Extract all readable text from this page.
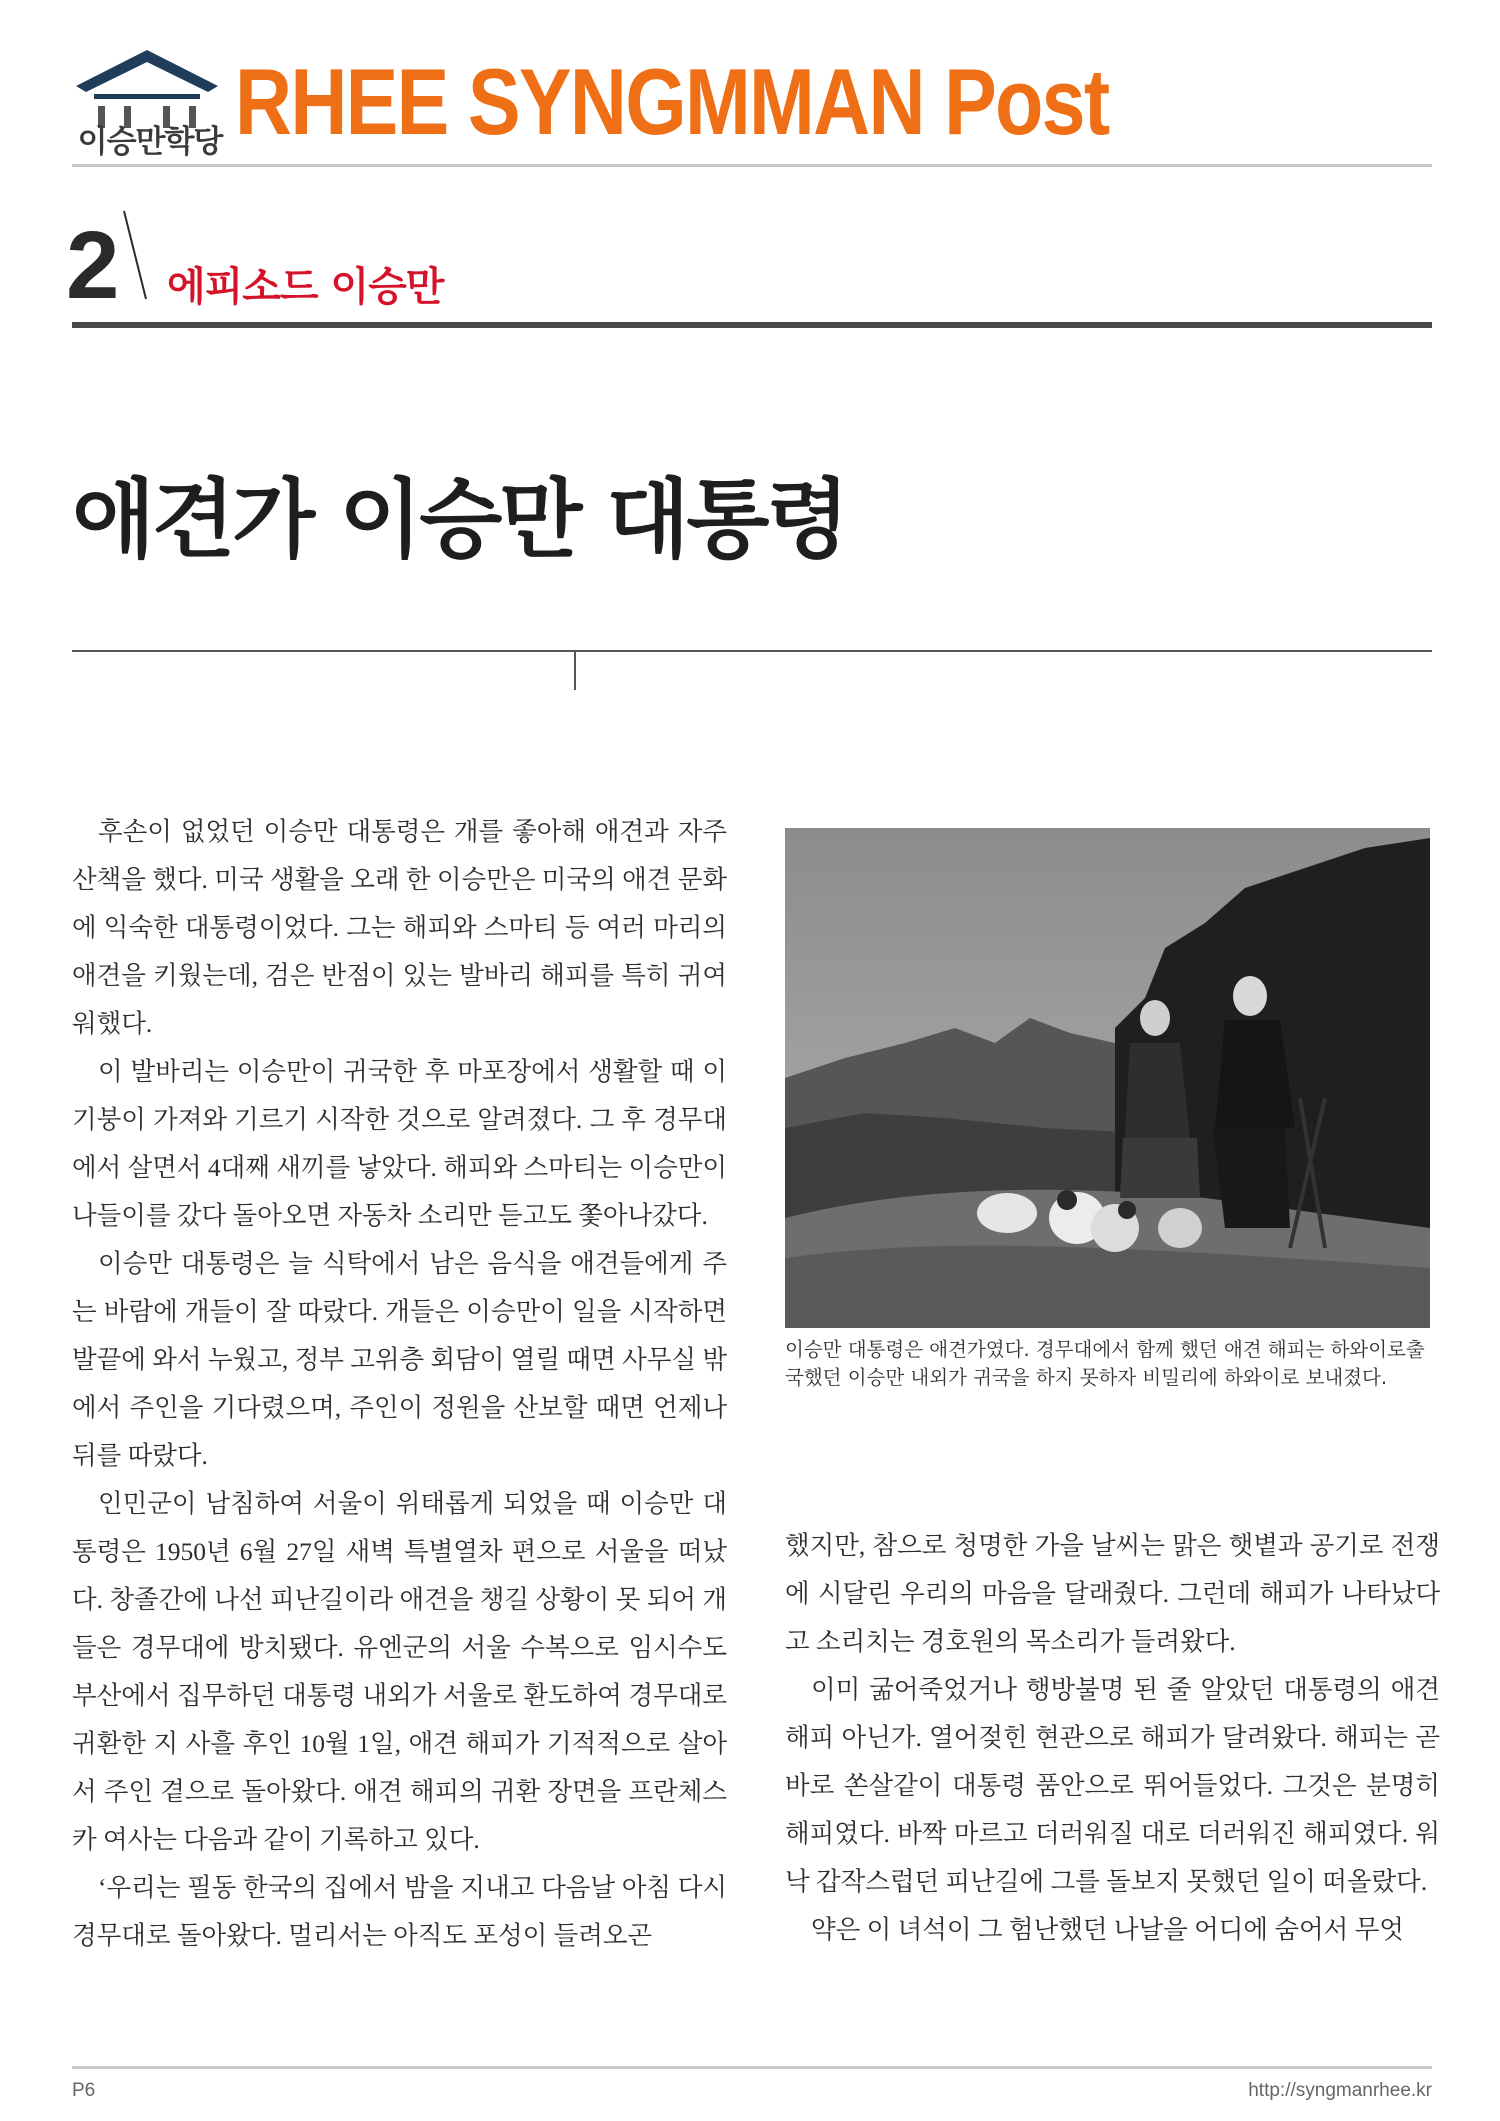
이승만학당 RHEE SYNGMMAN Post
2 에피소드 이승만
애견가 이승만 대통령

후손이 없었던 이승만 대통령은 개를 좋아해 애견과 자주 산책을 했다. 미국 생활을 오래 한 이승만은 미국의 애견 문화에 익숙한 대통령이었다. 그는 해피와 스마티 등 여러 마리의 애견을 키웠는데, 검은 반점이 있는 발바리 해피를 특히 귀여워했다.

이 발바리는 이승만이 귀국한 후 마포장에서 생활할 때 이기붕이 가져와 기르기 시작한 것으로 알려졌다. 그 후 경무대에서 살면서 4대째 새끼를 낳았다. 해피와 스마티는 이승만이 나들이를 갔다 돌아오면 자동차 소리만 듣고도 쫓아나갔다.

이승만 대통령은 늘 식탁에서 남은 음식을 애견들에게 주는 바람에 개들이 잘 따랐다. 개들은 이승만이 일을 시작하면 발끝에 와서 누웠고, 정부 고위층 회담이 열릴 때면 사무실 밖에서 주인을 기다렸으며, 주인이 정원을 산보할 때면 언제나 뒤를 따랐다.

인민군이 남침하여 서울이 위태롭게 되었을 때 이승만 대통령은 1950년 6월 27일 새벽 특별열차 편으로 서울을 떠났다. 창졸간에 나선 피난길이라 애견을 챙길 상황이 못 되어 개들은 경무대에 방치됐다. 유엔군의 서울 수복으로 임시수도 부산에서 집무하던 대통령 내외가 서울로 환도하여 경무대로 귀환한 지 사흘 후인 10월 1일, 애견 해피가 기적적으로 살아서 주인 곁으로 돌아왔다. 애견 해피의 귀환 장면을 프란체스카 여사는 다음과 같이 기록하고 있다.

‘우리는 필동 한국의 집에서 밤을 지내고 다음날 아침 다시 경무대로 돌아왔다. 멀리서는 아직도 포성이 들려오곤

이승만 대통령은 애견가였다. 경무대에서 함께 했던 애견 해피는 하와이로출국했던 이승만 내외가 귀국을 하지 못하자 비밀리에 하와이로 보내졌다.

했지만, 참으로 청명한 가을 날씨는 맑은 햇볕과 공기로 전쟁에 시달린 우리의 마음을 달래줬다. 그런데 해피가 나타났다고 소리치는 경호원의 목소리가 들려왔다.

이미 굶어죽었거나 행방불명 된 줄 알았던 대통령의 애견 해피 아닌가. 열어젖힌 현관으로 해피가 달려왔다. 해피는 곧바로 쏜살같이 대통령 품안으로 뛰어들었다. 그것은 분명히 해피였다. 바짝 마르고 더러워질 대로 더러워진 해피였다. 워낙 갑작스럽던 피난길에 그를 돌보지 못했던 일이 떠올랐다.

약은 이 녀석이 그 험난했던 나날을 어디에 숨어서 무엇

P6	http://syngmanrhee.kr
